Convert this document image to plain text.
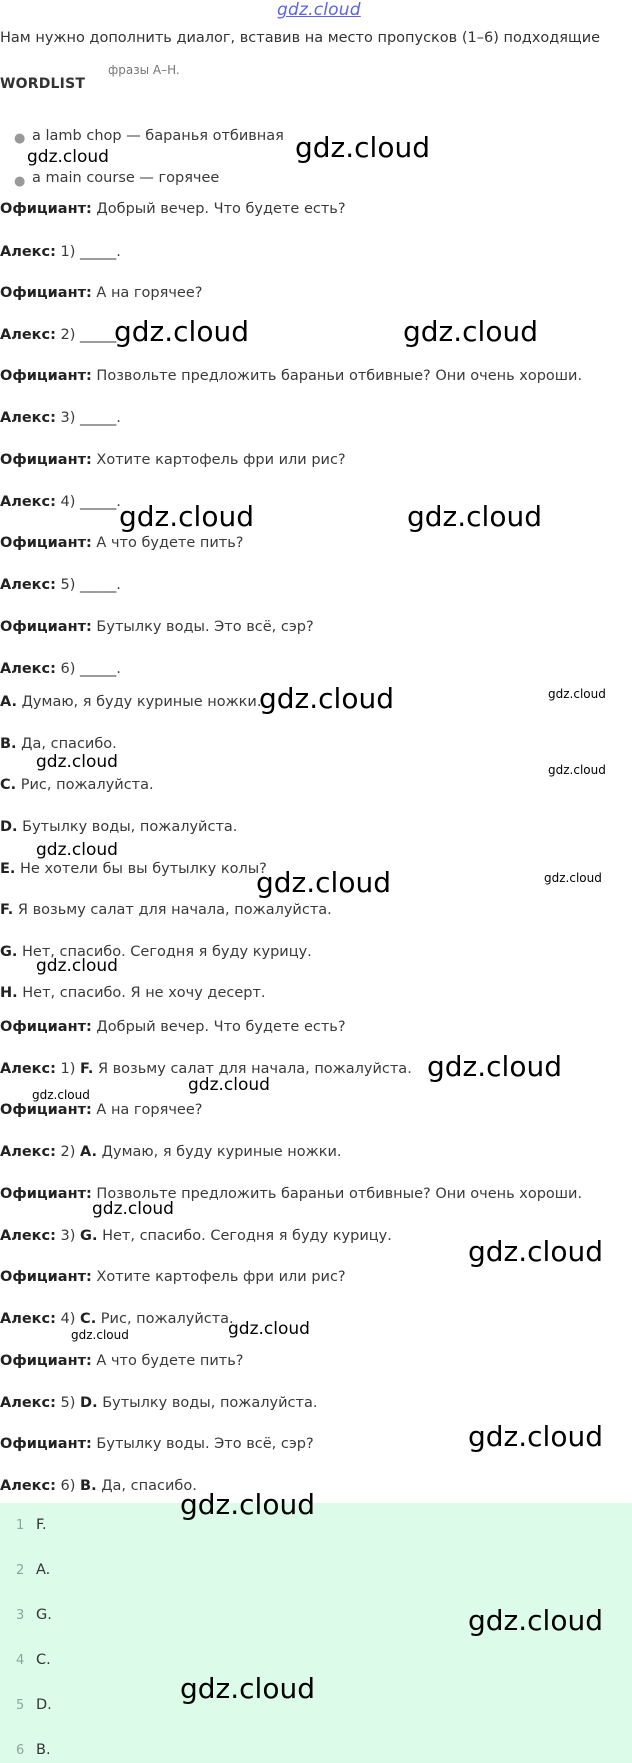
gdz.cloud
Нам нужно дополнить диалог, вставив на место пропусков (1–6) подходящие
фразы A–H.
WORDLIST
● a lamb chop — баранья отбивная
● a main course — горячее
Официант: Добрый вечер. Что будете есть?
Алекс: 1) _____.
Официант: А на горячее?
Алекс: 2) _____.
Официант: Позвольте предложить бараньи отбивные? Они очень хороши.
Алекс: 3) _____.
Официант: Хотите картофель фри или рис?
Алекс: 4) _____.
Официант: А что будете пить?
Алекс: 5) _____.
Официант: Бутылку воды. Это всё, сэр?
Алекс: 6) _____.
A. Думаю, я буду куриные ножки.
B. Да, спасибо.
C. Рис, пожалуйста.
D. Бутылку воды, пожалуйста.
E. Не хотели бы вы бутылку колы?
F. Я возьму салат для начала, пожалуйста.
G. Нет, спасибо. Сегодня я буду курицу.
H. Нет, спасибо. Я не хочу десерт.
Официант: Добрый вечер. Что будете есть?
Алекс: 1) F. Я возьму салат для начала, пожалуйста.
Официант: А на горячее?
Алекс: 2) A. Думаю, я буду куриные ножки.
Официант: Позвольте предложить бараньи отбивные? Они очень хороши.
Алекс: 3) G. Нет, спасибо. Сегодня я буду курицу.
Официант: Хотите картофель фри или рис?
Алекс: 4) C. Рис, пожалуйста.
Официант: А что будете пить?
Алекс: 5) D. Бутылку воды, пожалуйста.
Официант: Бутылку воды. Это всё, сэр?
Алекс: 6) B. Да, спасибо.
1 F.
2 A.
3 G.
4 C.
5 D.
6 B.
gdz.cloud	gdz.cloud
gdz.cloud	gdz.cloud
gdz.cloud	gdz.cloud
gdz.cloud	gdz.cloud
gdz.cloud	gdz.cloud
gdz.cloud
gdz.cloud	gdz.cloud
gdz.cloud
gdz.cloud
gdz.cloud
gdz.cloud
gdz.cloud
gdz.cloud
gdz.cloud	gdz.cloud
gdz.cloud
gdz.cloud
gdz.cloud
gdz.cloud
